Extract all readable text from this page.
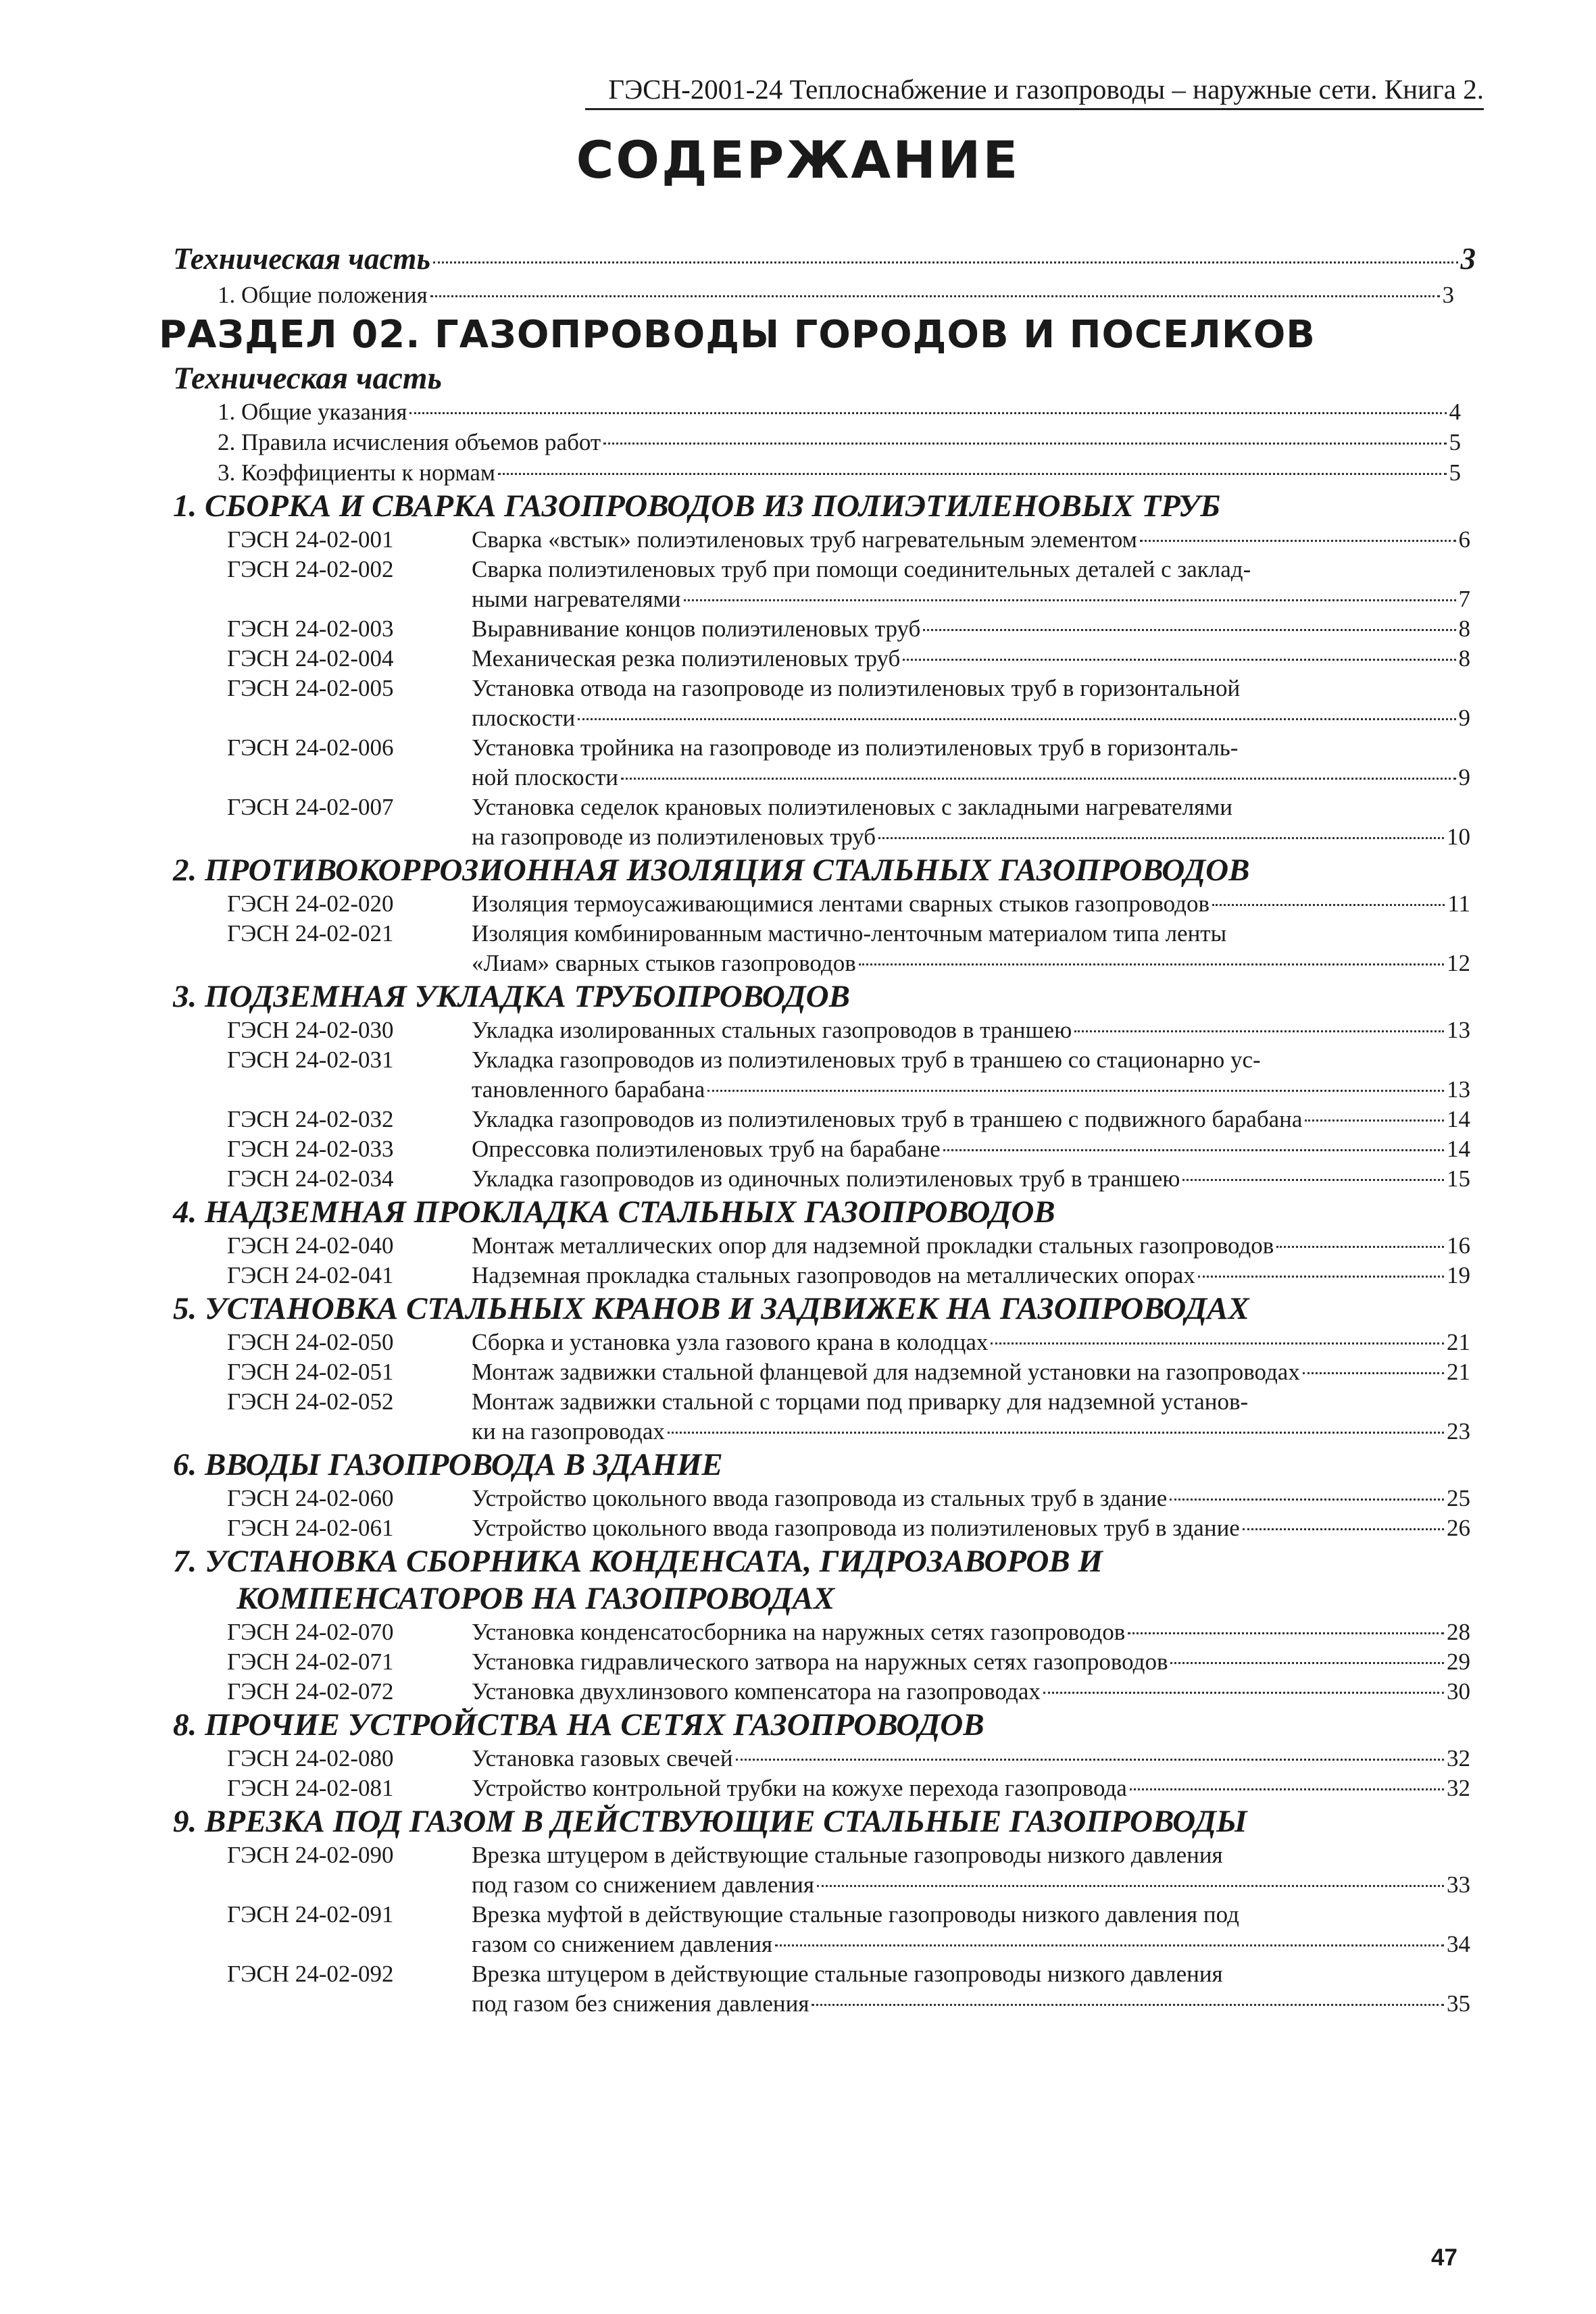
ГЭСН-2001-24 Теплоснабжение и газопроводы – наружные сети. Книга 2.
СОДЕРЖАНИЕ
Техническая часть	3
1. Общие положения	3
РАЗДЕЛ 02. ГАЗОПРОВОДЫ ГОРОДОВ И ПОСЕЛКОВ
Техническая часть
1. Общие указания	4
2. Правила исчисления объемов работ	5
3. Коэффициенты к нормам	5
1. СБОРКА И СВАРКА ГАЗОПРОВОДОВ ИЗ ПОЛИЭТИЛЕНОВЫХ ТРУБ
ГЭСН 24-02-001	Сварка «встык» полиэтиленовых труб нагревательным элементом	6
ГЭСН 24-02-002	Сварка полиэтиленовых труб при помощи соединительных деталей с заклад-
ными нагревателями	7
ГЭСН 24-02-003	Выравнивание концов полиэтиленовых труб	8
ГЭСН 24-02-004	Механическая резка полиэтиленовых труб	8
ГЭСН 24-02-005	Установка отвода на газопроводе из полиэтиленовых труб в горизонтальной
плоскости	9
ГЭСН 24-02-006	Установка тройника на газопроводе из полиэтиленовых труб в горизонталь-
ной плоскости	9
ГЭСН 24-02-007	Установка седелок крановых полиэтиленовых с закладными нагревателями
на газопроводе из полиэтиленовых труб	10
2. ПРОТИВОКОРРОЗИОННАЯ ИЗОЛЯЦИЯ СТАЛЬНЫХ ГАЗОПРОВОДОВ
ГЭСН 24-02-020	Изоляция термоусаживающимися лентами сварных стыков газопроводов	11
ГЭСН 24-02-021	Изоляция комбинированным мастично-ленточным материалом типа ленты
«Лиам» сварных стыков газопроводов	12
3. ПОДЗЕМНАЯ УКЛАДКА ТРУБОПРОВОДОВ
ГЭСН 24-02-030	Укладка изолированных стальных газопроводов в траншею	13
ГЭСН 24-02-031	Укладка газопроводов из полиэтиленовых труб в траншею со стационарно ус-
тановленного барабана	13
ГЭСН 24-02-032	Укладка газопроводов из полиэтиленовых труб в траншею с подвижного барабана	14
ГЭСН 24-02-033	Опрессовка полиэтиленовых труб на барабане	14
ГЭСН 24-02-034	Укладка газопроводов из одиночных полиэтиленовых труб в траншею	15
4. НАДЗЕМНАЯ ПРОКЛАДКА СТАЛЬНЫХ ГАЗОПРОВОДОВ
ГЭСН 24-02-040	Монтаж металлических опор для надземной прокладки стальных газопроводов	16
ГЭСН 24-02-041	Надземная прокладка стальных газопроводов на металлических опорах	19
5. УСТАНОВКА СТАЛЬНЫХ КРАНОВ И ЗАДВИЖЕК НА ГАЗОПРОВОДАХ
ГЭСН 24-02-050	Сборка и установка узла газового крана в колодцах	21
ГЭСН 24-02-051	Монтаж задвижки стальной фланцевой для надземной установки на газопроводах	21
ГЭСН 24-02-052	Монтаж задвижки стальной с торцами под приварку для надземной установ-
ки на газопроводах	23
6. ВВОДЫ ГАЗОПРОВОДА В ЗДАНИЕ
ГЭСН 24-02-060	Устройство цокольного ввода газопровода из стальных труб в здание	25
ГЭСН 24-02-061	Устройство цокольного ввода газопровода из полиэтиленовых труб в здание	26
7. УСТАНОВКА СБОРНИКА КОНДЕНСАТА, ГИДРОЗАВОРОВ И
КОМПЕНСАТОРОВ НА ГАЗОПРОВОДАХ
ГЭСН 24-02-070	Установка конденсатосборника на наружных сетях газопроводов	28
ГЭСН 24-02-071	Установка гидравлического затвора на наружных сетях газопроводов	29
ГЭСН 24-02-072	Установка двухлинзового компенсатора на газопроводах	30
8. ПРОЧИЕ УСТРОЙСТВА НА СЕТЯХ ГАЗОПРОВОДОВ
ГЭСН 24-02-080	Установка газовых свечей	32
ГЭСН 24-02-081	Устройство контрольной трубки на кожухе перехода газопровода	32
9. ВРЕЗКА ПОД ГАЗОМ В ДЕЙСТВУЮЩИЕ СТАЛЬНЫЕ ГАЗОПРОВОДЫ
ГЭСН 24-02-090	Врезка штуцером в действующие стальные газопроводы низкого давления
под газом со снижением давления	33
ГЭСН 24-02-091	Врезка муфтой в действующие стальные газопроводы низкого давления под
газом со снижением давления	34
ГЭСН 24-02-092	Врезка штуцером в действующие стальные газопроводы низкого давления
под газом без снижения давления	35
47
